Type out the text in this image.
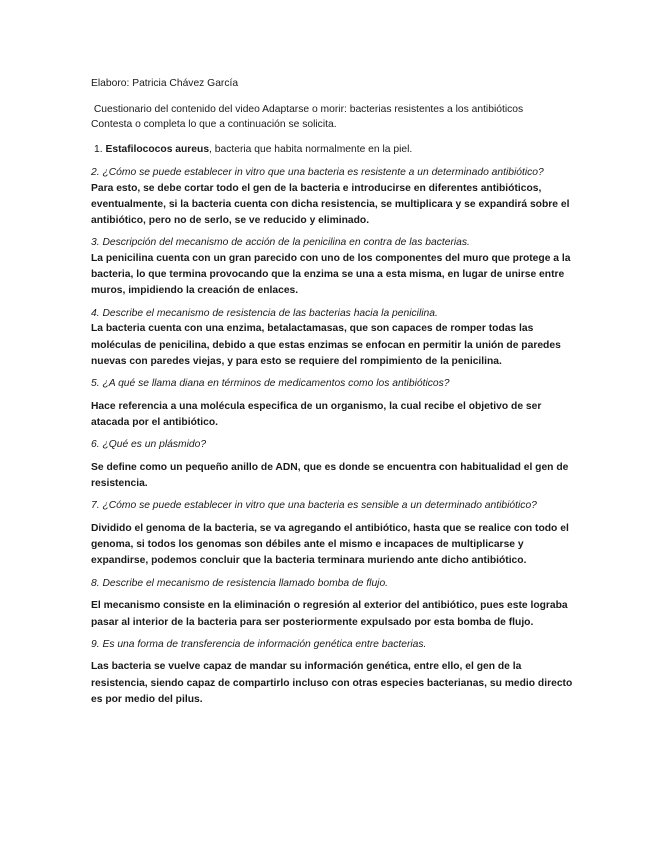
Elaboro: Patricia Chávez García

Cuestionario del contenido del video Adaptarse o morir: bacterias resistentes a los antibióticos

Contesta o completa lo que a continuación se solicita.

1. Estafilococos aureus, bacteria que habita normalmente en la piel.

2. ¿Cómo se puede establecer in vitro que una bacteria es resistente a un determinado antibiótico?

Para esto, se debe cortar todo el gen de la bacteria e introducirse en diferentes antibióticos, eventualmente, si la bacteria cuenta con dicha resistencia, se multiplicara y se expandirá sobre el antibiótico, pero no de serlo, se ve reducido y eliminado.

3. Descripción del mecanismo de acción de la penicilina en contra de las bacterias.

La penicilina cuenta con un gran parecido con uno de los componentes del muro que protege a la bacteria, lo que termina provocando que la enzima se una a esta misma, en lugar de unirse entre muros, impidiendo la creación de enlaces.

4. Describe el mecanismo de resistencia de las bacterias hacia la penicilina.

La bacteria cuenta con una enzima, betalactamasas, que son capaces de romper todas las moléculas de penicilina, debido a que estas enzimas se enfocan en permitir la unión de paredes nuevas con paredes viejas, y para esto se requiere del rompimiento de la penicilina.

5. ¿A qué se llama diana en términos de medicamentos como los antibióticos?

Hace referencia a una molécula especifica de un organismo, la cual recibe el objetivo de ser atacada por el antibiótico.

6. ¿Qué es un plásmido?

Se define como un pequeño anillo de ADN, que es donde se encuentra con habitualidad el gen de resistencia.

7. ¿Cómo se puede establecer in vitro que una bacteria es sensible a un determinado antibiótico?

Dividido el genoma de la bacteria, se va agregando el antibiótico, hasta que se realice con todo el genoma, si todos los genomas son débiles ante el mismo e incapaces de multiplicarse y expandirse, podemos concluir que la bacteria terminara muriendo ante dicho antibiótico.

8. Describe el mecanismo de resistencia llamado bomba de flujo.

El mecanismo consiste en la eliminación o regresión al exterior del antibiótico, pues este lograba pasar al interior de la bacteria para ser posteriormente expulsado por esta bomba de flujo.

9. Es una forma de transferencia de información genética entre bacterias.

Las bacteria se vuelve capaz de mandar su información genética, entre ello, el gen de la resistencia, siendo capaz de compartirlo incluso con otras especies bacterianas, su medio directo es por medio del pilus.
